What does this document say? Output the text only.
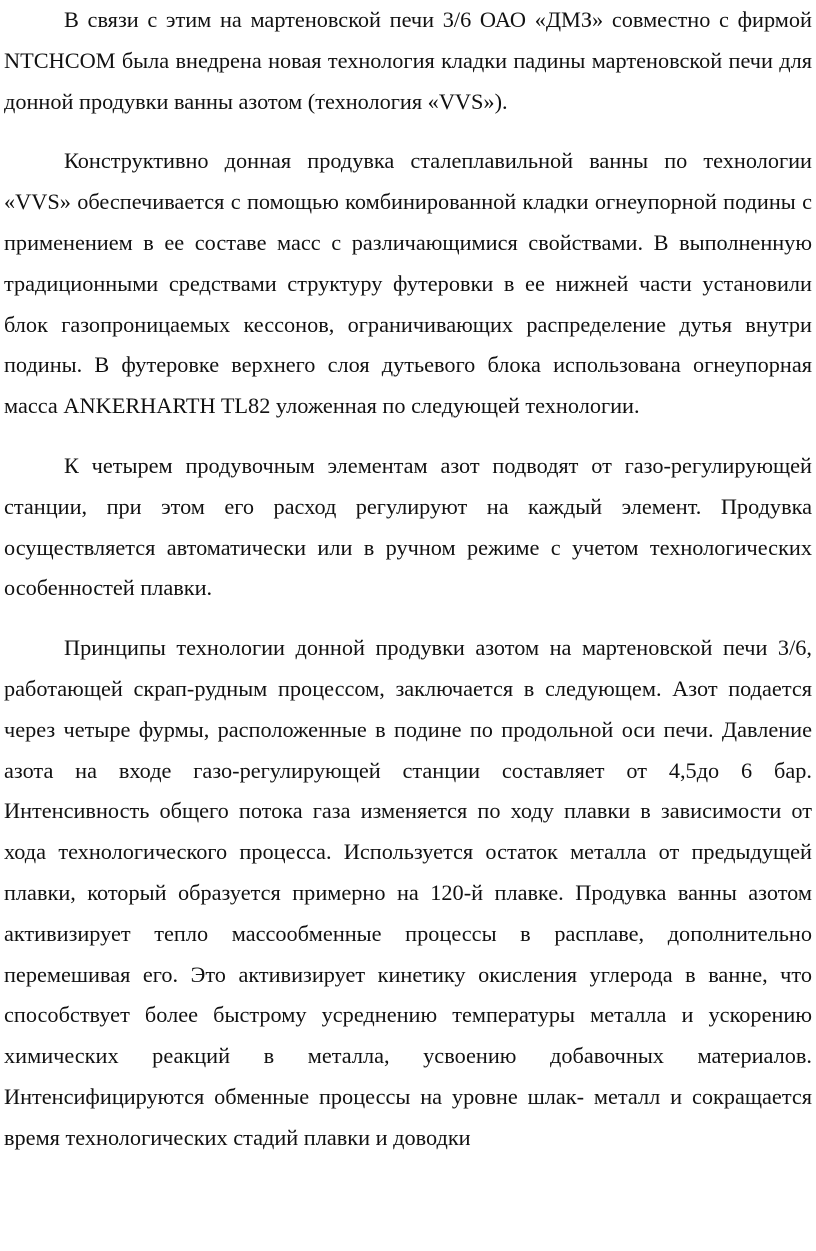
В связи с этим на мартеновской печи 3/6 ОАО «ДМЗ» совместно с фирмой NTCHCOM была внедрена новая технология кладки падины мартеновской печи для донной продувки ванны азотом (технология «VVS»).

Конструктивно донная продувка сталеплавильной ванны по технологии «VVS» обеспечивается с помощью комбинированной кладки огнеупорной подины с применением в ее составе масс с различающимися свойствами. В выполненную традиционными средствами структуру футеровки в ее нижней части установили блок газопроницаемых кессонов, ограничивающих распределение дутья внутри подины. В футеровке верхнего слоя дутьевого блока использована огнеупорная масса ANKERHARTH TL82 уложенная по следующей технологии.

К четырем продувочным элементам азот подводят от газо-регулирующей станции, при этом его расход регулируют на каждый элемент. Продувка осуществляется автоматически или в ручном режиме с учетом технологических особенностей плавки.

Принципы технологии донной продувки азотом на мартеновской печи 3/6, работающей скрап-рудным процессом, заключается в следующем. Азот подается через четыре фурмы, расположенные в подине по продольной оси печи. Давление азота на входе газо-регулирующей станции составляет от 4,5до 6 бар. Интенсивность общего потока газа изменяется по ходу плавки в зависимости от хода технологического процесса. Используется остаток металла от предыдущей плавки, который образуется примерно на 120-й плавке. Продувка ванны азотом активизирует тепло массообменные процессы в расплаве, дополнительно перемешивая его. Это активизирует кинетику окисления углерода в ванне, что способствует более быстрому усреднению температуры металла и ускорению химических реакций в металла, усвоению добавочных материалов. Интенсифицируются обменные процессы на уровне шлак- металл и сокращается время технологических стадий плавки и доводки
